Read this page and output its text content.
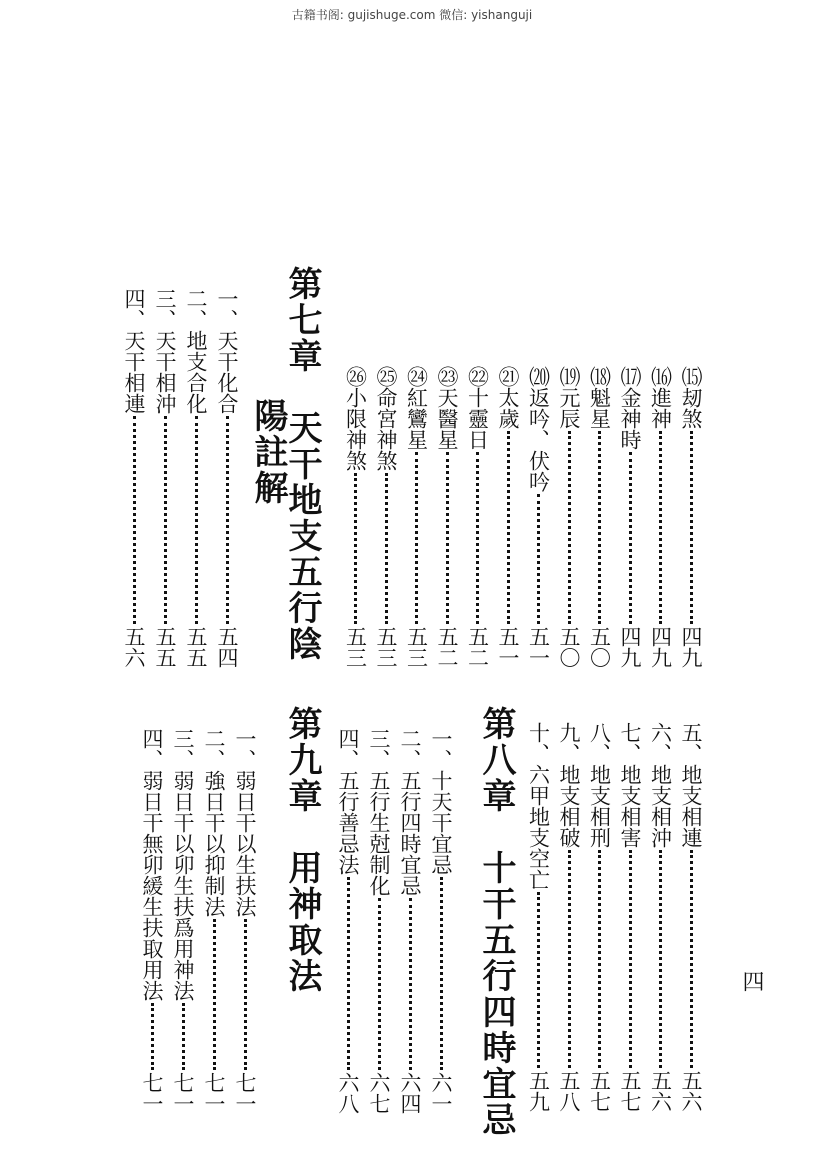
古籍书阁: gujishuge.com 微信: yishanguji
⒂刼煞
四九
⒃進神
四九
⒄金神時
四九
⒅魁星
五〇
⒆元辰
五〇
⒇返吟、伏吟
五一
㉑太歲
五一
㉒十靈日
五二
㉓天醫星
五二
㉔紅鸞星
五三
㉕命宮神煞
五三
㉖小限神煞
五三
第七章　天干地支五行陰
陽註解
一、天干化合
五四
二、地支合化
五五
三、天干相沖
五五
四、天干相連
五六
五、地支相連
五六
六、地支相沖
五六
七、地支相害
五七
八、地支相刑
五七
九、地支相破
五八
十、六甲地支空亡
五九
第八章　十干五行四時宜忌
一、十天干宜忌
六一
二、五行四時宜忌
六四
三、五行生尅制化
六七
四、五行善忌法
六八
第九章　用神取法
一、弱日干以生扶法
七一
二、強日干以抑制法
七一
三、弱日干以卯生扶爲用神法
七一
四、弱日干無卯緩生扶取用法
七一
四
